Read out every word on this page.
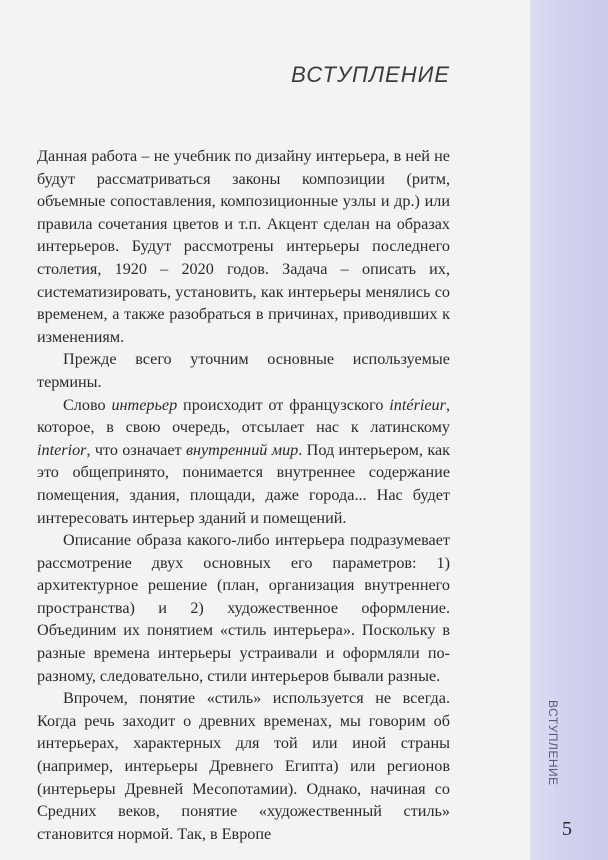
ВСТУПЛЕНИЕ
5
ВСТУПЛЕНИЕ

Данная работа – не учебник по дизайну интерьера, в ней не будут рассматриваться законы композиции (ритм, объемные сопоставления, композиционные узлы и др.) или правила сочетания цветов и т.п. Акцент сделан на образах интерьеров. Будут рассмотрены интерьеры последнего столетия, 1920 – 2020 годов. Задача – описать их, систематизировать, установить, как интерьеры менялись со временем, а также разобраться в причинах, приводивших к изменениям.

Прежде всего уточним основные используемые термины.

Слово интерьер происходит от французского intérieur, которое, в свою очередь, отсылает нас к латинскому interior, что означает внутренний мир. Под интерьером, как это общепринято, понимается внутреннее содержание помещения, здания, площади, даже города... Нас будет интересовать интерьер зданий и помещений.

Описание образа какого-либо интерьера подразумевает рассмотрение двух основных его параметров: 1) архитектурное решение (план, организация внутреннего пространства) и 2) художественное оформление. Объединим их понятием «стиль интерьера». Поскольку в разные времена интерьеры устраивали и оформляли по-разному, следовательно, стили интерьеров бывали разные.

Впрочем, понятие «стиль» используется не всегда. Когда речь заходит о древних временах, мы говорим об интерьерах, характерных для той или иной страны (например, интерьеры Древнего Египта) или регионов (интерьеры Древней Месопотамии). Однако, начиная со Средних веков, понятие «художественный стиль» становится нормой. Так, в Европе
